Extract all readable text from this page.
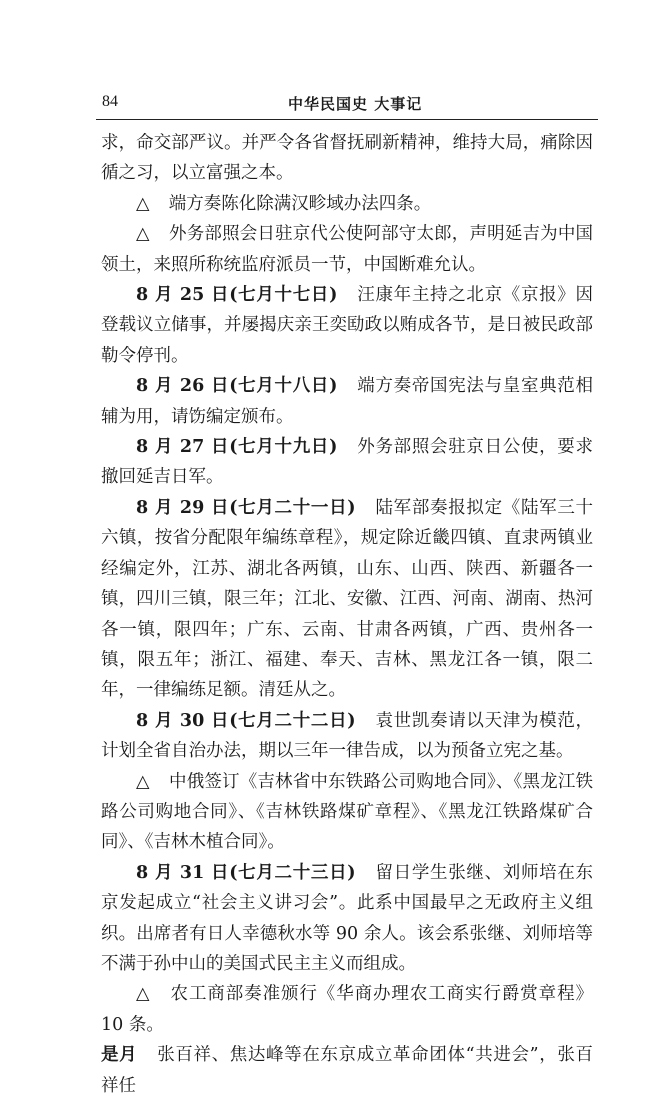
84	中华民国史 大事记

求，命交部严议。并严令各省督抚刷新精神，维持大局，痛除因循之习，以立富强之本。

△ 端方奏陈化除满汉畛域办法四条。

△ 外务部照会日驻京代公使阿部守太郎，声明延吉为中国领土，来照所称统监府派员一节，中国断难允认。

8 月 25 日(七月十七日) 汪康年主持之北京《京报》因登载议立储事，并屡揭庆亲王奕劻政以贿成各节，是日被民政部勒令停刊。

8 月 26 日(七月十八日) 端方奏帝国宪法与皇室典范相辅为用，请饬编定颁布。

8 月 27 日(七月十九日) 外务部照会驻京日公使，要求撤回延吉日军。

8 月 29 日(七月二十一日) 陆军部奏报拟定《陆军三十六镇，按省分配限年编练章程》，规定除近畿四镇、直隶两镇业经编定外，江苏、湖北各两镇，山东、山西、陕西、新疆各一镇，四川三镇，限三年；江北、安徽、江西、河南、湖南、热河各一镇，限四年；广东、云南、甘肃各两镇，广西、贵州各一镇，限五年；浙江、福建、奉天、吉林、黑龙江各一镇，限二年，一律编练足额。清廷从之。

8 月 30 日(七月二十二日) 袁世凯奏请以天津为模范，计划全省自治办法，期以三年一律告成，以为预备立宪之基。

△ 中俄签订《吉林省中东铁路公司购地合同》、《黑龙江铁路公司购地合同》、《吉林铁路煤矿章程》、《黑龙江铁路煤矿合同》、《吉林木植合同》。

8 月 31 日(七月二十三日) 留日学生张继、刘师培在东京发起成立“社会主义讲习会”。此系中国最早之无政府主义组织。出席者有日人幸德秋水等 90 余人。该会系张继、刘师培等不满于孙中山的美国式民主主义而组成。

△ 农工商部奏准颁行《华商办理农工商实行爵赏章程》10 条。

是月 张百祥、焦达峰等在东京成立革命团体“共进会”，张百祥任
